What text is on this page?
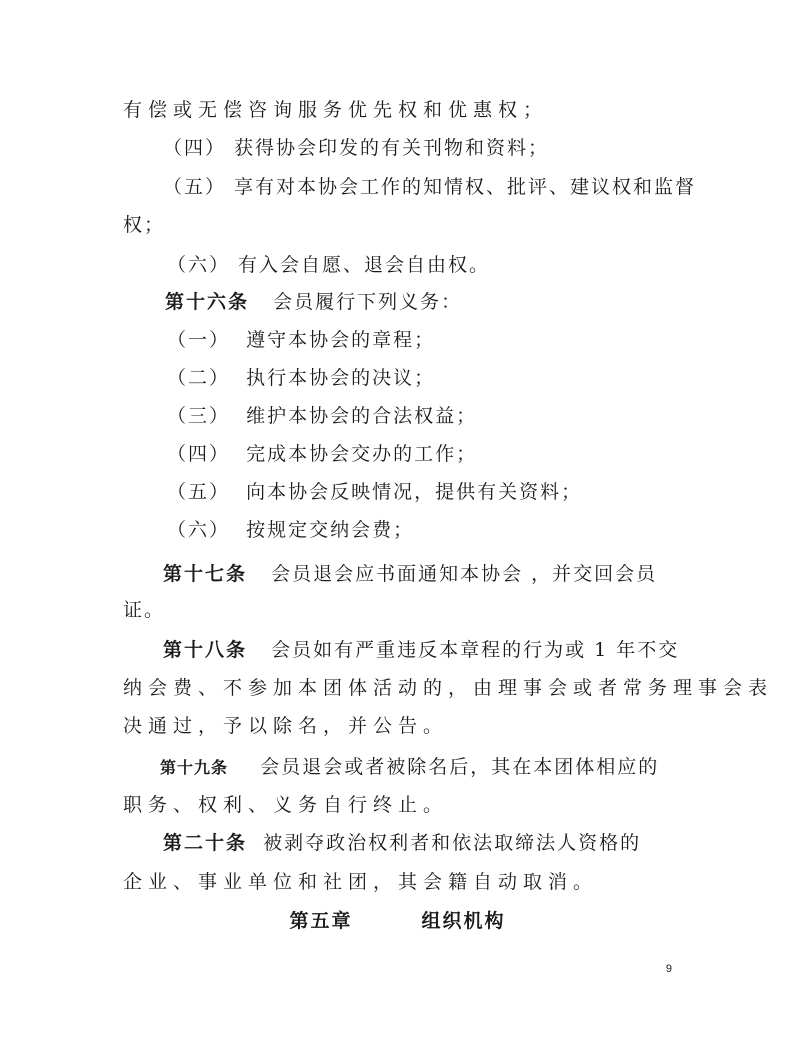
有偿或无偿咨询服务优先权和优惠权；
（四） 获得协会印发的有关刊物和资料；
（五） 享有对本协会工作的知情权、批评、建议权和监督
权；
（六） 有入会自愿、退会自由权。
第十六条 会员履行下列义务：
（一）  遵守本协会的章程；
（二）  执行本协会的决议；
（三）  维护本协会的合法权益；
（四）  完成本协会交办的工作；
（五）  向本协会反映情况，提供有关资料；
（六）  按规定交纳会费；
第十七条 会员退会应书面通知本协会 ，并交回会员
证。
第十八条 会员如有严重违反本章程的行为或 1 年不交
纳会费、不参加本团体活动的，由理事会或者常务理事会表
决通过，予以除名，并公告。
第十九条 会员退会或者被除名后，其在本团体相应的
职务、权利、义务自行终止。
第二十条 被剥夺政治权利者和依法取缔法人资格的
企业、事业单位和社团，其会籍自动取消。
第五章	组织机构
9
